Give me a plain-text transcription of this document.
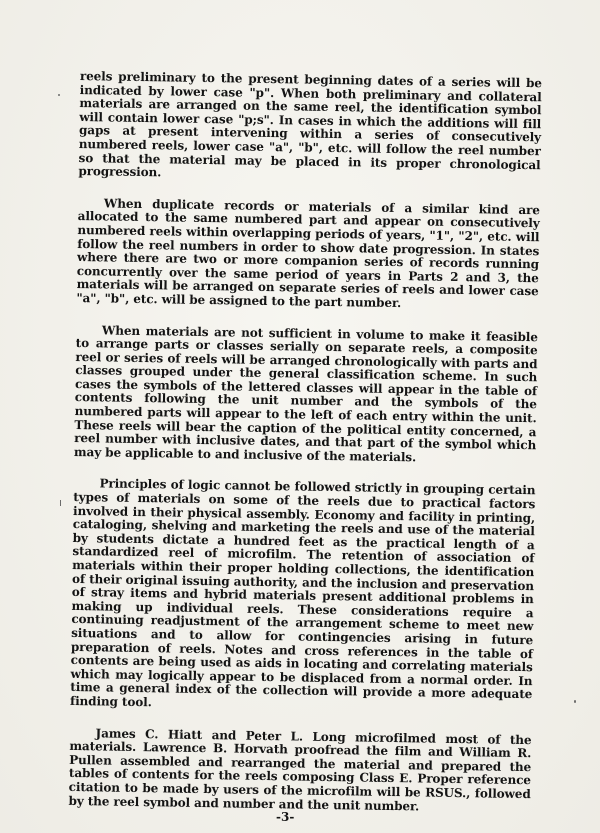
reels preliminary to the present beginning dates of a series will be indicated by lower case "p". When both preliminary and collateral materials are arranged on the same reel, the identification symbol will contain lower case "p;s". In cases in which the additions will fill gaps at present intervening within a series of consecutively numbered reels, lower case "a", "b", etc. will follow the reel number so that the material may be placed in its proper chronological progression.

When duplicate records or materials of a similar kind are allocated to the same numbered part and appear on consecutively numbered reels within overlapping periods of years, "1", "2", etc. will follow the reel numbers in order to show date progression. In states where there are two or more companion series of records running concurrently over the same period of years in Parts 2 and 3, the materials will be arranged on separate series of reels and lower case "a", "b", etc. will be assigned to the part number.

When materials are not sufficient in volume to make it feasible to arrange parts or classes serially on separate reels, a composite reel or series of reels will be arranged chronologically with parts and classes grouped under the general classification scheme. In such cases the symbols of the lettered classes will appear in the table of contents following the unit number and the symbols of the numbered parts will appear to the left of each entry within the unit. These reels will bear the caption of the political entity concerned, a reel number with inclusive dates, and that part of the symbol which may be applicable to and inclusive of the materials.

Principles of logic cannot be followed strictly in grouping certain types of materials on some of the reels due to practical factors involved in their physical assembly. Economy and facility in printing, cataloging, shelving and marketing the reels and use of the material by students dictate a hundred feet as the practical length of a standardized reel of microfilm. The retention of association of materials within their proper holding collections, the identification of their original issuing authority, and the inclusion and preservation of stray items and hybrid materials present additional problems in making up individual reels. These considerations require a continuing readjustment of the arrangement scheme to meet new situations and to allow for contingencies arising in future preparation of reels. Notes and cross references in the table of contents are being used as aids in locating and correlating materials which may logically appear to be displaced from a normal order. In time a general index of the collection will provide a more adequate finding tool.

James C. Hiatt and Peter L. Long microfilmed most of the materials. Lawrence B. Horvath proofread the film and William R. Pullen assembled and rearranged the material and prepared the tables of contents for the reels composing Class E. Proper reference citation to be made by users of the microfilm will be RSUS., followed by the reel symbol and number and the unit number.

-3-
